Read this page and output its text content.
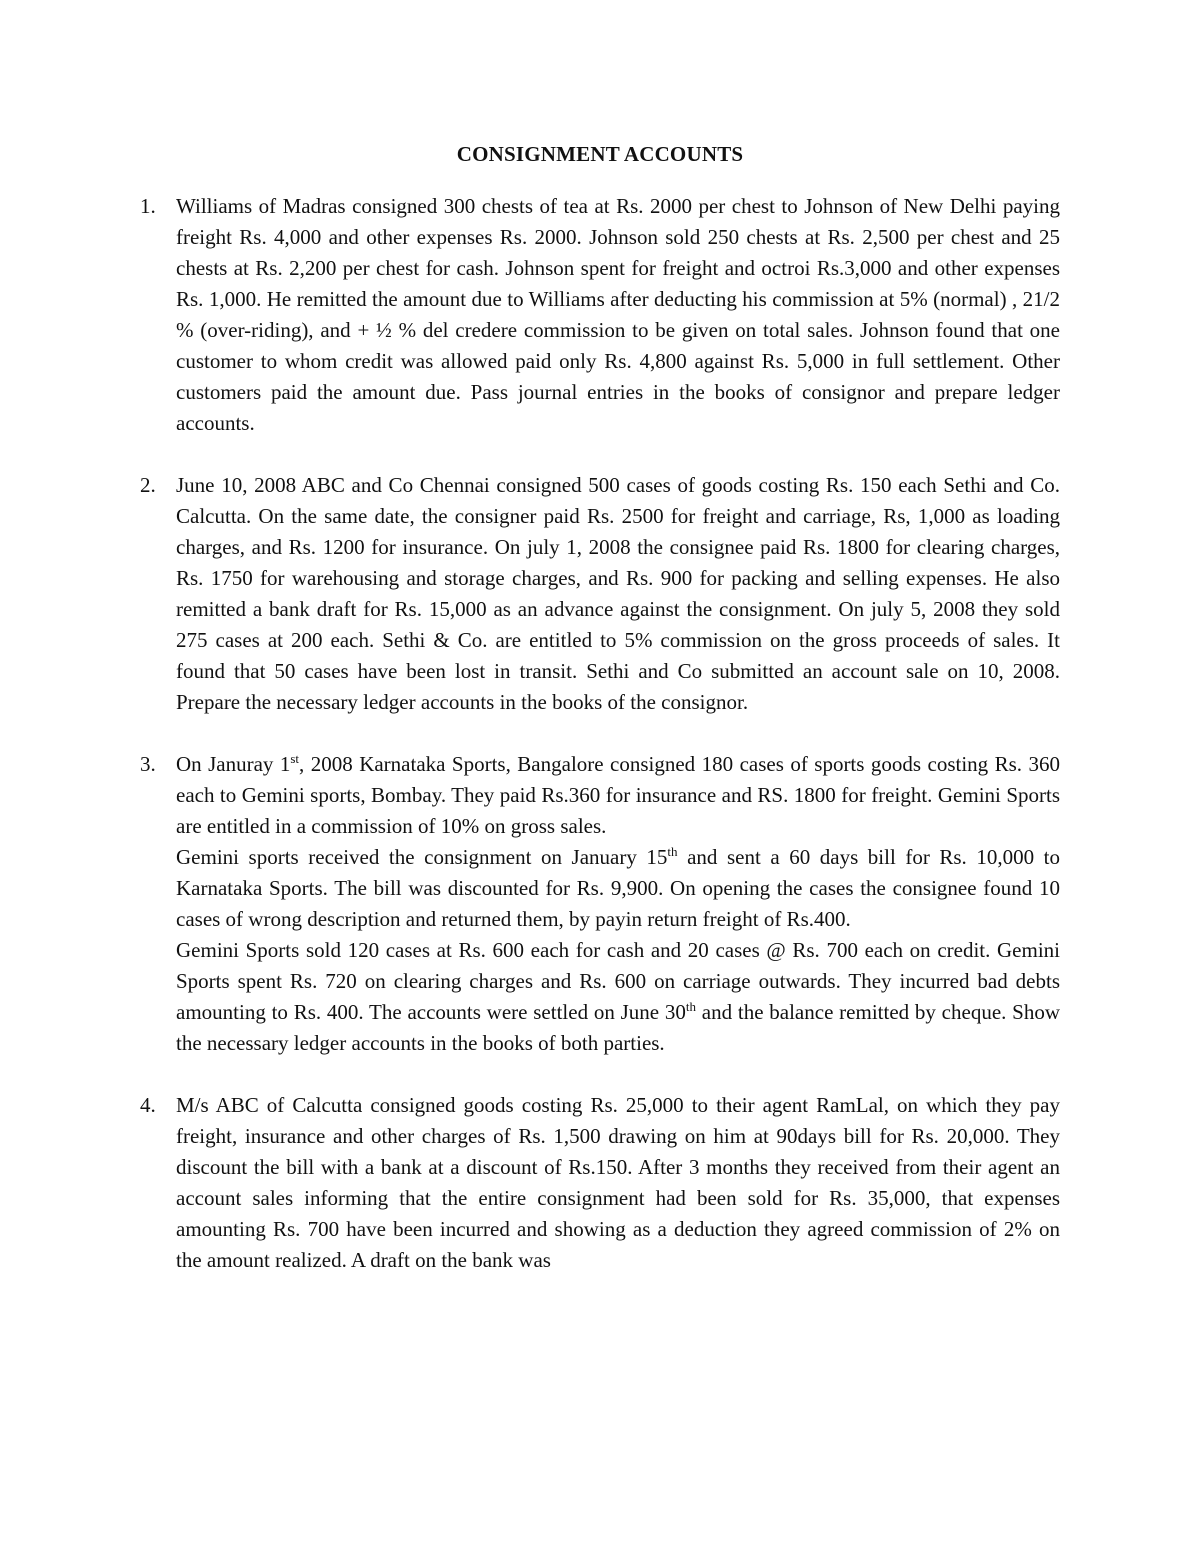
CONSIGNMENT ACCOUNTS
1. Williams of Madras consigned 300 chests of tea at Rs. 2000 per chest to Johnson of New Delhi paying freight Rs. 4,000 and other expenses Rs. 2000. Johnson sold 250 chests at Rs. 2,500 per chest and 25 chests at Rs. 2,200 per chest for cash. Johnson spent for freight and octroi Rs.3,000 and other expenses Rs. 1,000. He remitted the amount due to Williams after deducting his commission at 5% (normal) , 21/2 % (over-riding), and + ½ % del credere commission to be given on total sales. Johnson found that one customer to whom credit was allowed paid only Rs. 4,800 against Rs. 5,000 in full settlement. Other customers paid the amount due. Pass journal entries in the books of consignor and prepare ledger accounts.

2. June 10, 2008 ABC and Co Chennai consigned 500 cases of goods costing Rs. 150 each Sethi and Co. Calcutta. On the same date, the consigner paid Rs. 2500 for freight and carriage, Rs, 1,000 as loading charges, and Rs. 1200 for insurance. On july 1, 2008 the consignee paid Rs. 1800 for clearing charges, Rs. 1750 for warehousing and storage charges, and Rs. 900 for packing and selling expenses. He also remitted a bank draft for Rs. 15,000 as an advance against the consignment. On july 5, 2008 they sold 275 cases at 200 each. Sethi & Co. are entitled to 5% commission on the gross proceeds of sales. It found that 50 cases have been lost in transit. Sethi and Co submitted an account sale on 10, 2008. Prepare the necessary ledger accounts in the books of the consignor.

3. On Januray 1st, 2008 Karnataka Sports, Bangalore consigned 180 cases of sports goods costing Rs. 360 each to Gemini sports, Bombay. They paid Rs.360 for insurance and RS. 1800 for freight. Gemini Sports are entitled in a commission of 10% on gross sales.

Gemini sports received the consignment on January 15th and sent a 60 days bill for Rs. 10,000 to Karnataka Sports. The bill was discounted for Rs. 9,900. On opening the cases the consignee found 10 cases of wrong description and returned them, by payin return freight of Rs.400.

Gemini Sports sold 120 cases at Rs. 600 each for cash and 20 cases @ Rs. 700 each on credit. Gemini Sports spent Rs. 720 on clearing charges and Rs. 600 on carriage outwards. They incurred bad debts amounting to Rs. 400. The accounts were settled on June 30th and the balance remitted by cheque. Show the necessary ledger accounts in the books of both parties.

4. M/s ABC of Calcutta consigned goods costing Rs. 25,000 to their agent RamLal, on which they pay freight, insurance and other charges of Rs. 1,500 drawing on him at 90days bill for Rs. 20,000. They discount the bill with a bank at a discount of Rs.150. After 3 months they received from their agent an account sales informing that the entire consignment had been sold for Rs. 35,000, that expenses amounting Rs. 700 have been incurred and showing as a deduction they agreed commission of 2% on the amount realized. A draft on the bank was
